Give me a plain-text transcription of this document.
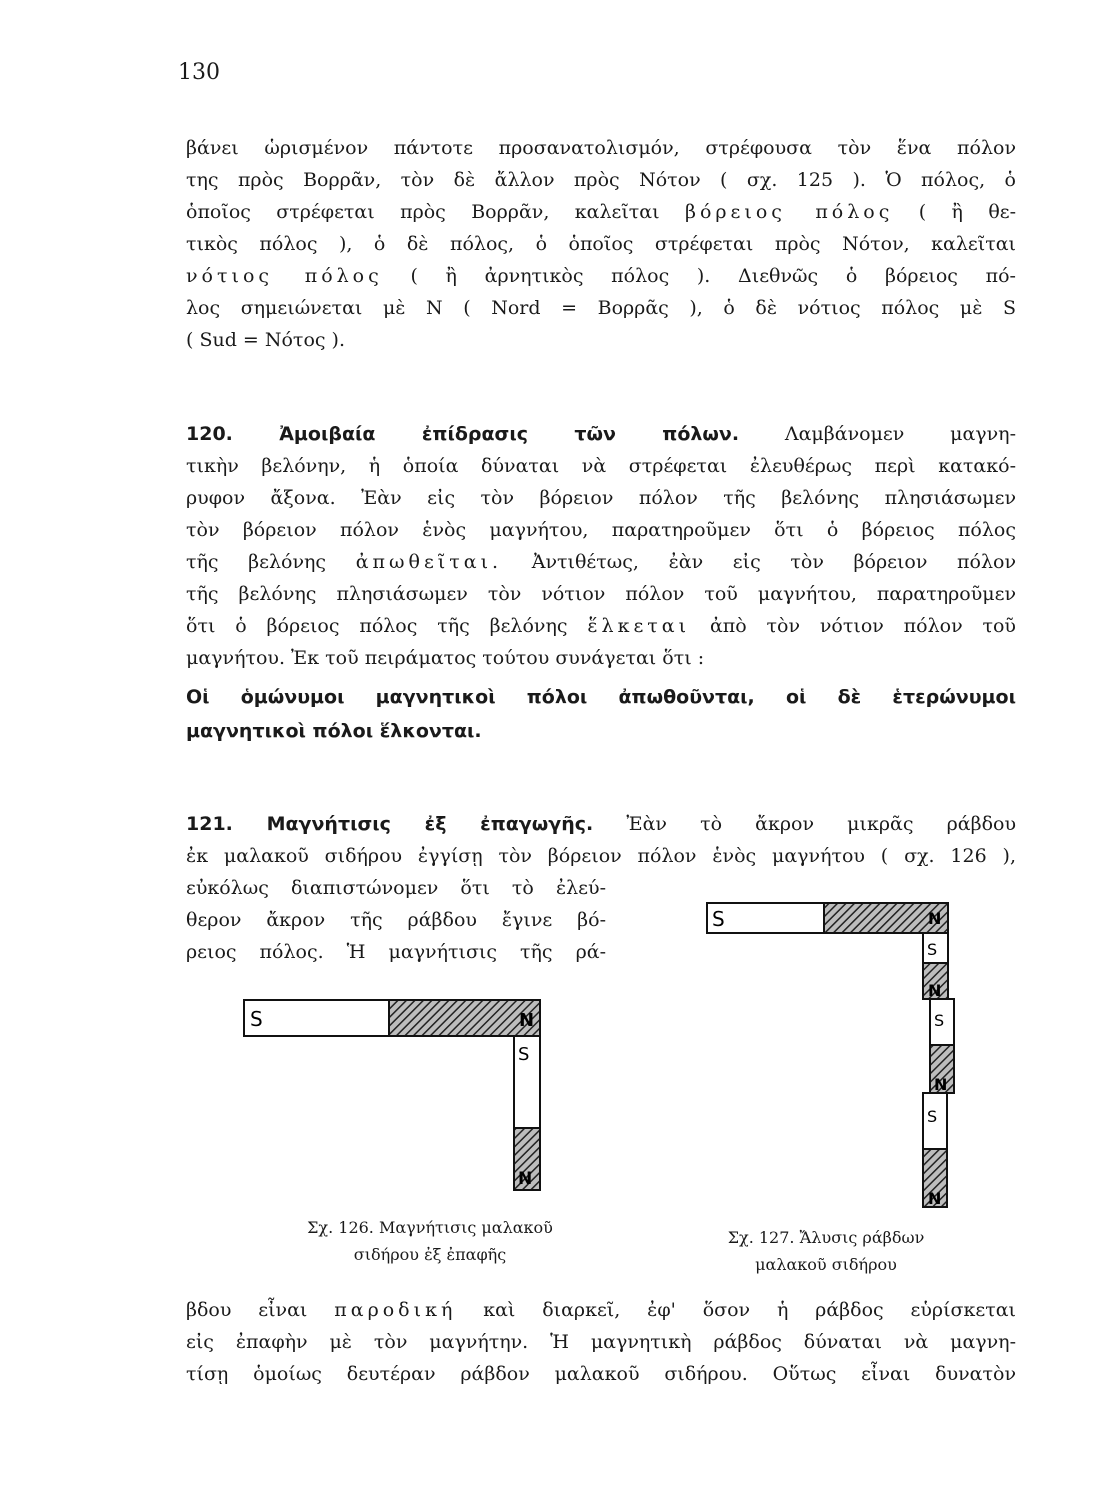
130
βάνει ὡρισμένον πάντοτε προσανατολισμόν, στρέφουσα τὸν ἕνα πόλον
της πρὸς Βορρᾶν, τὸν δὲ ἄλλον πρὸς Νότον ( σχ. 125 ). Ὁ πόλος, ὁ
ὁποῖος στρέφεται πρὸς Βορρᾶν, καλεῖται βόρειος πόλος ( ἢ θε-
τικὸς πόλος ), ὁ δὲ πόλος, ὁ ὁποῖος στρέφεται πρὸς Νότον, καλεῖται
νότιος πόλος ( ἢ ἀρνητικὸς πόλος ). Διεθνῶς ὁ βόρειος πό-
λος σημειώνεται μὲ Ν ( Nord = Βορρᾶς ), ὁ δὲ νότιος πόλος μὲ S
( Sud = Νότος ).
120. Ἀμοιβαία ἐπίδρασις τῶν πόλων. Λαμβάνομεν μαγνη-
τικὴν βελόνην, ἡ ὁποία δύναται νὰ στρέφεται ἐλευθέρως περὶ κατακό-
ρυφον ἄξονα. Ἐὰν εἰς τὸν βόρειον πόλον τῆς βελόνης πλησιάσωμεν
τὸν βόρειον πόλον ἑνὸς μαγνήτου, παρατηροῦμεν ὅτι ὁ βόρειος πόλος
τῆς βελόνης ἀπωθεῖται. Ἀντιθέτως, ἐὰν εἰς τὸν βόρειον πόλον
τῆς βελόνης πλησιάσωμεν τὸν νότιον πόλον τοῦ μαγνήτου, παρατηροῦμεν
ὅτι ὁ βόρειος πόλος τῆς βελόνης ἕλκεται ἀπὸ τὸν νότιον πόλον τοῦ
μαγνήτου. Ἐκ τοῦ πειράματος τούτου συνάγεται ὅτι :
Οἱ ὁμώνυμοι μαγνητικοὶ πόλοι ἀπωθοῦνται, οἱ δὲ ἑτερώνυμοι
μαγνητικοὶ πόλοι ἕλκονται.
121. Μαγνήτισις ἐξ ἐπαγωγῆς. Ἐὰν τὸ ἄκρον μικρᾶς ράβδου
ἐκ μαλακοῦ σιδήρου ἐγγίσῃ τὸν βόρειον πόλον ἑνὸς μαγνήτου ( σχ. 126 ),
εὐκόλως διαπιστώνομεν ὅτι τὸ ἐλεύ-
θερον ἄκρον τῆς ράβδου ἔγινε βό-
ρειος πόλος. Ἡ μαγνήτισις τῆς ρά-
S	N
S
N
S	N
S
N
S
N
S
N
Σχ. 126. Μαγνήτισις μαλακοῦ
σιδήρου ἐξ ἐπαφῆς
Σχ. 127. Ἄλυσις ράβδων
μαλακοῦ σιδήρου
βδου εἶναι παροδική καὶ διαρκεῖ, ἐφ' ὅσον ἡ ράβδος εὑρίσκεται
εἰς ἐπαφὴν μὲ τὸν μαγνήτην. Ἡ μαγνητικὴ ράβδος δύναται νὰ μαγνη-
τίσῃ ὁμοίως δευτέραν ράβδον μαλακοῦ σιδήρου. Οὕτως εἶναι δυνατὸν
